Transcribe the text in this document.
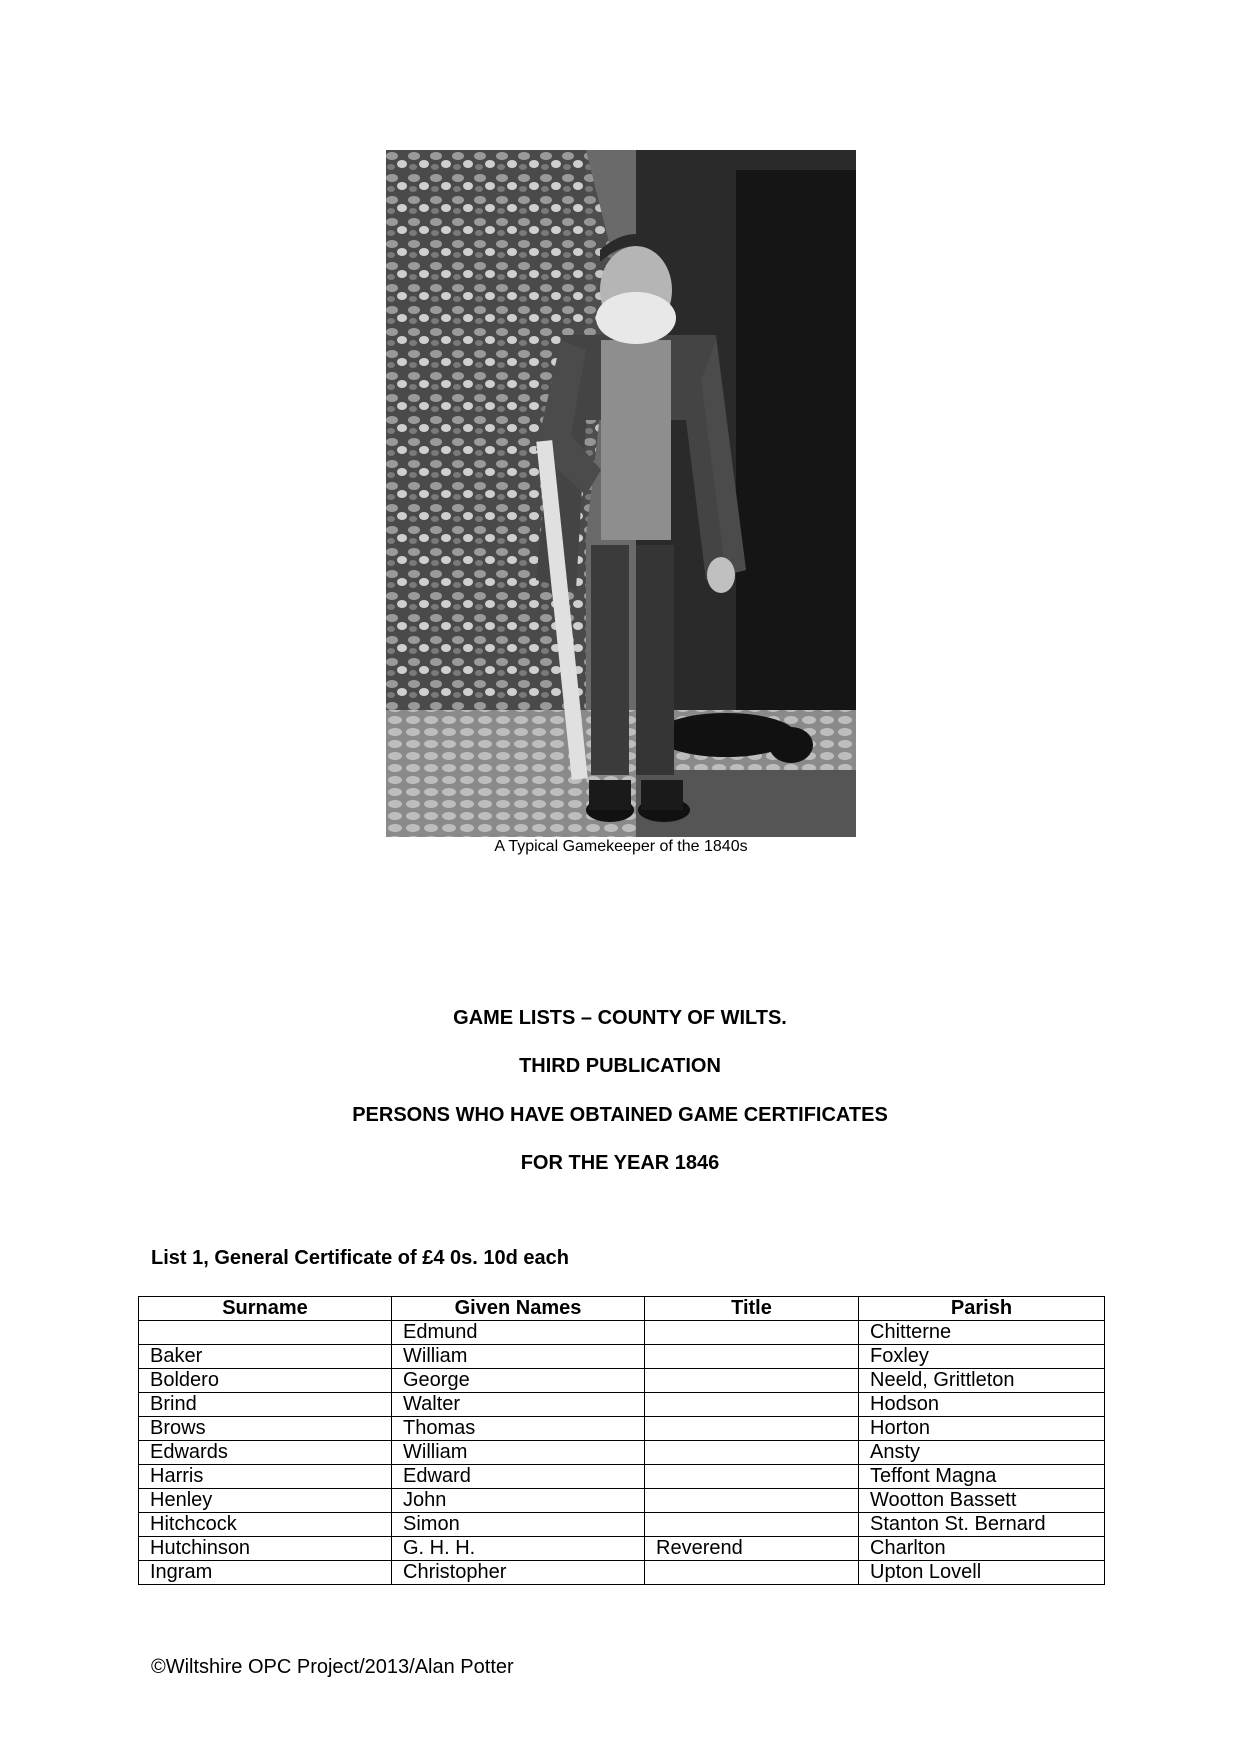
A Typical Gamekeeper of the 1840s
GAME LISTS – COUNTY OF WILTS.
THIRD PUBLICATION
PERSONS WHO HAVE OBTAINED GAME CERTIFICATES
FOR THE YEAR 1846
List 1, General Certificate of £4 0s. 10d each
Surname	Given Names	Title	Parish
	Edmund		Chitterne
Baker	William		Foxley
Boldero	George		Neeld, Grittleton
Brind	Walter		Hodson
Brows	Thomas		Horton
Edwards	William		Ansty
Harris	Edward		Teffont Magna
Henley	John		Wootton Bassett
Hitchcock	Simon		Stanton St. Bernard
Hutchinson	G. H. H.	Reverend	Charlton
Ingram	Christopher		Upton Lovell
©Wiltshire OPC Project/2013/Alan Potter
